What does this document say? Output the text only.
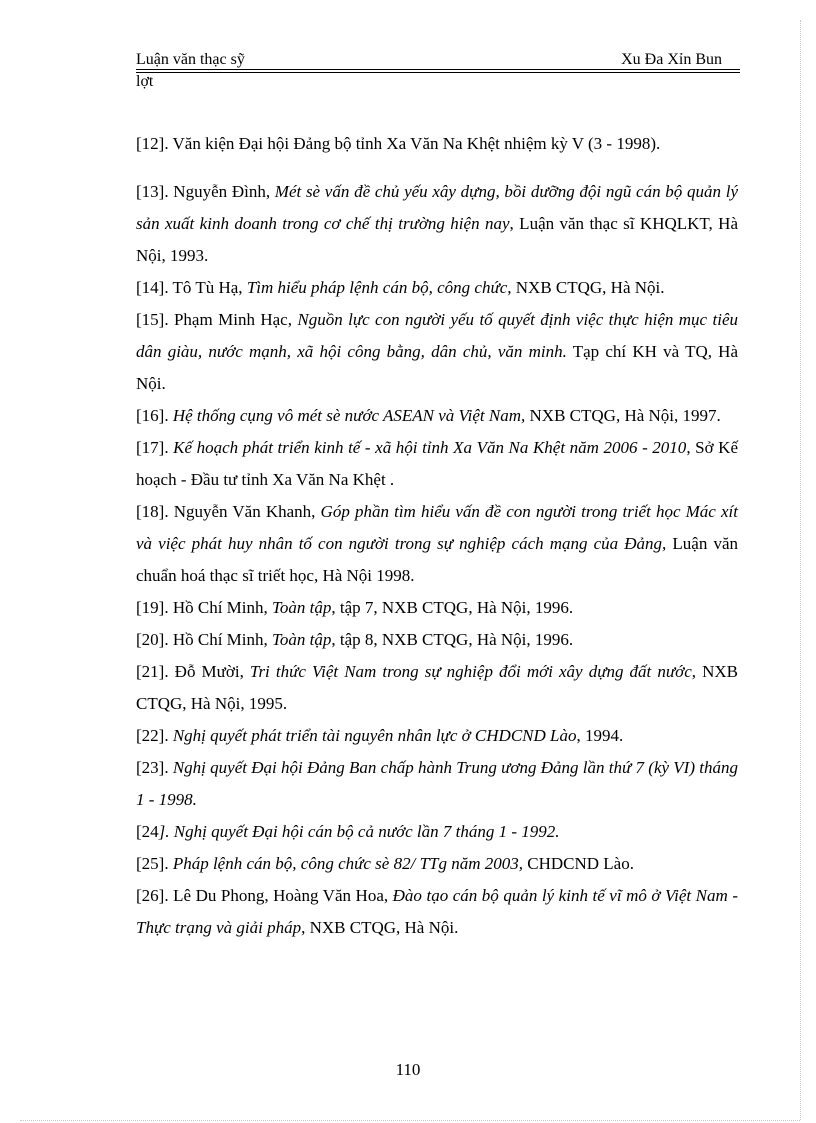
Luận văn thạc sỹ	Xu Đa Xỉn Bun
lợt

[12]. Văn kiện Đại hội Đảng bộ tỉnh Xa Văn Na Khệt nhiệm kỳ V (3 - 1998).

[13]. Nguyễn Đình, Mét sè vấn đề chủ yếu xây dựng, bồi dưỡng đội ngũ cán bộ quản lý sản xuất kinh doanh trong cơ chế thị trường hiện nay, Luận văn thạc sĩ KHQLKT, Hà Nội, 1993.

[14]. Tô Tù Hạ, Tìm hiểu pháp lệnh cán bộ, công chức, NXB CTQG, Hà Nội.

[15]. Phạm Minh Hạc, Nguồn lực con người yếu tố quyết định việc thực hiện mục tiêu dân giàu, nước mạnh, xã hội công bằng, dân chủ, văn minh. Tạp chí KH và TQ, Hà Nội.

[16]. Hệ thống cụng vô mét sè nước ASEAN và Việt Nam, NXB CTQG, Hà Nội, 1997.

[17]. Kế hoạch phát triển kinh tế - xã hội tỉnh Xa Văn Na Khệt năm 2006 - 2010, Sở Kế hoạch - Đầu tư tỉnh Xa Văn Na Khệt .

[18]. Nguyễn Văn Khanh, Góp phần tìm hiểu vấn đề con người trong triết học Mác xít và việc phát huy nhân tố con người trong sự nghiệp cách mạng của Đảng, Luận văn chuẩn hoá thạc sĩ triết học, Hà Nội 1998.

[19]. Hồ Chí Minh, Toàn tập, tập 7, NXB CTQG, Hà Nội, 1996.

[20]. Hồ Chí Minh, Toàn tập, tập 8, NXB CTQG, Hà Nội, 1996.

[21]. Đỗ Mười, Tri thức Việt Nam trong sự nghiệp đổi mới xây dựng đất nước, NXB CTQG, Hà Nội, 1995.

[22]. Nghị quyết phát triển tài nguyên nhân lực ở CHDCND Lào, 1994.

[23]. Nghị quyết Đại hội Đảng Ban chấp hành Trung ương Đảng lần thứ 7 (kỳ VI) tháng 1 - 1998.

[24]. Nghị quyết Đại hội cán bộ cả nước lần 7 tháng 1 - 1992.

[25]. Pháp lệnh cán bộ, công chức sè 82/ TTg năm 2003, CHDCND Lào.

[26]. Lê Du Phong, Hoàng Văn Hoa, Đào tạo cán bộ quản lý kinh tế vĩ mô ở Việt Nam - Thực trạng và giải pháp, NXB CTQG, Hà Nội.

110
